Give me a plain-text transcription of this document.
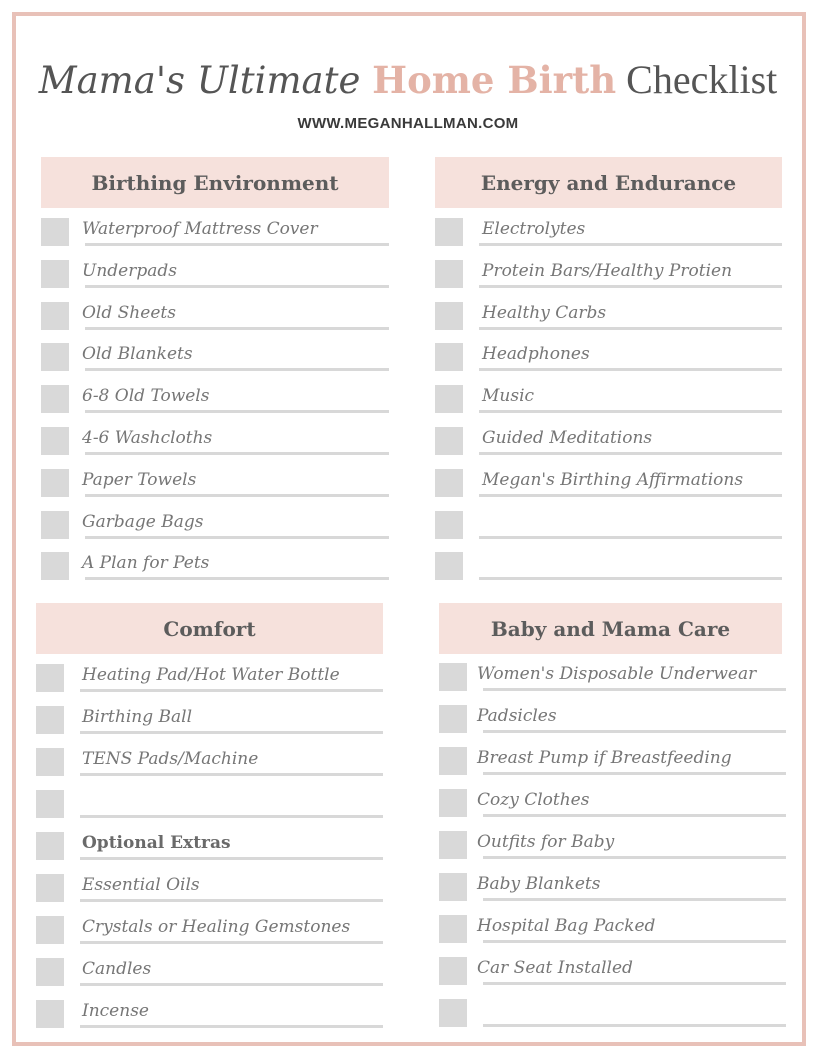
Mama's Ultimate Home Birth Checklist
WWW.MEGANHALLMAN.COM
Birthing Environment
Waterproof Mattress Cover
Underpads
Old Sheets
Old Blankets
6-8 Old Towels
4-6 Washcloths
Paper Towels
Garbage Bags
A Plan for Pets
Energy and Endurance
Electrolytes
Protein Bars/Healthy Protien
Healthy Carbs
Headphones
Music
Guided Meditations
Megan's Birthing Affirmations
Comfort
Heating Pad/Hot Water Bottle
Birthing Ball
TENS Pads/Machine
Optional Extras
Essential Oils
Crystals or Healing Gemstones
Candles
Incense
Baby and Mama Care
Women's Disposable Underwear
Padsicles
Breast Pump if Breastfeeding
Cozy Clothes
Outfits for Baby
Baby Blankets
Hospital Bag Packed
Car Seat Installed
